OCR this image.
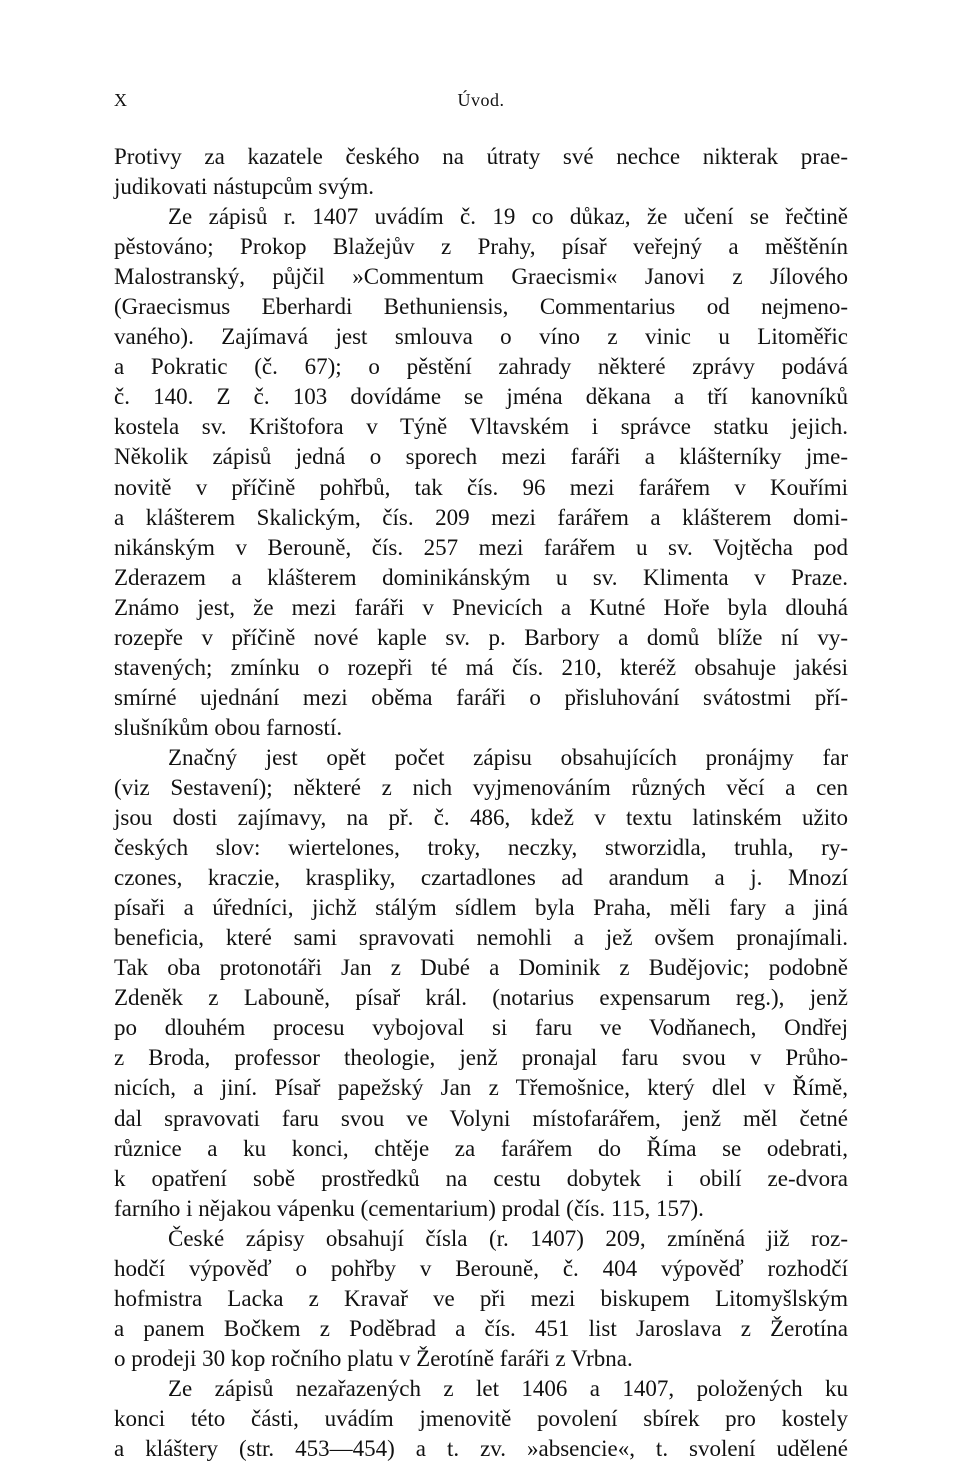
X	Úvod.
Protivy za kazatele českého na útraty své nechce nikterak prae-
judikovati nástupcům svým.
Ze zápisů r. 1407 uvádím č. 19 co důkaz, že učení se řečtině
pěstováno; Prokop Blažejův z Prahy, písař veřejný a měštěnín
Malostranský, půjčil »Commentum Graecismi« Janovi z Jílového
(Graecismus Eberhardi Bethuniensis, Commentarius od nejmeno-
vaného). Zajímavá jest smlouva o víno z vinic u Litoměřic
a Pokratic (č. 67); o pěstění zahrady některé zprávy podává
č. 140. Z č. 103 dovídáme se jména děkana a tří kanovníků
kostela sv. Krištofora v Týně Vltavském i správce statku jejich.
Několik zápisů jedná o sporech mezi faráři a klášterníky jme-
novitě v příčině pohřbů, tak čís. 96 mezi farářem v Kouřími
a klášterem Skalickým, čís. 209 mezi farářem a klášterem domi-
nikánským v Berouně, čís. 257 mezi farářem u sv. Vojtěcha pod
Zderazem a klášterem dominikánským u sv. Klimenta v Praze.
Známo jest, že mezi faráři v Pnevicích a Kutné Hoře byla dlouhá
rozepře v příčině nové kaple sv. p. Barbory a domů blíže ní vy-
stavených; zmínku o rozepři té má čís. 210, kteréž obsahuje jakési
smírné ujednání mezi oběma faráři o přisluhování svátostmi pří-
slušníkům obou farností.
Značný jest opět počet zápisu obsahujících pronájmy far
(viz Sestavení); některé z nich vyjmenováním různých věcí a cen
jsou dosti zajímavy, na př. č. 486, kdež v textu latinském užito
českých slov: wiertelones, troky, neczky, stworzidla, truhla, ry-
czones, kraczie, kraspliky, czartadlones ad arandum a j. Mnozí
písaři a úředníci, jichž stálým sídlem byla Praha, měli fary a jiná
beneficia, které sami spravovati nemohli a jež ovšem pronajímali.
Tak oba protonotáři Jan z Dubé a Dominik z Budějovic; podobně
Zdeněk z Labouně, písař král. (notarius expensarum reg.), jenž
po dlouhém procesu vybojoval si faru ve Vodňanech, Ondřej
z Broda, professor theologie, jenž pronajal faru svou v Průho-
nicích, a jiní. Písař papežský Jan z Třemošnice, který dlel v Římě,
dal spravovati faru svou ve Volyni místofarářem, jenž měl četné
různice a ku konci, chtěje za farářem do Říma se odebrati,
k opatření sobě prostředků na cestu dobytek i obilí ze-dvora
farního i nějakou vápenku (cementarium) prodal (čís. 115, 157).
České zápisy obsahují čísla (r. 1407) 209, zmíněná již roz-
hodčí výpověď o pohřby v Berouně, č. 404 výpověď rozhodčí
hofmistra Lacka z Kravař ve při mezi biskupem Litomyšlským
a panem Bočkem z Poděbrad a čís. 451 list Jaroslava z Žerotína
o prodeji 30 kop ročního platu v Žerotíně faráři z Vrbna.
Ze zápisů nezařazených z let 1406 a 1407, položených ku
konci této části, uvádím jmenovitě povolení sbírek pro kostely
a kláštery (str. 453—454) a t. zv. »absencie«, t. svolení udělené
